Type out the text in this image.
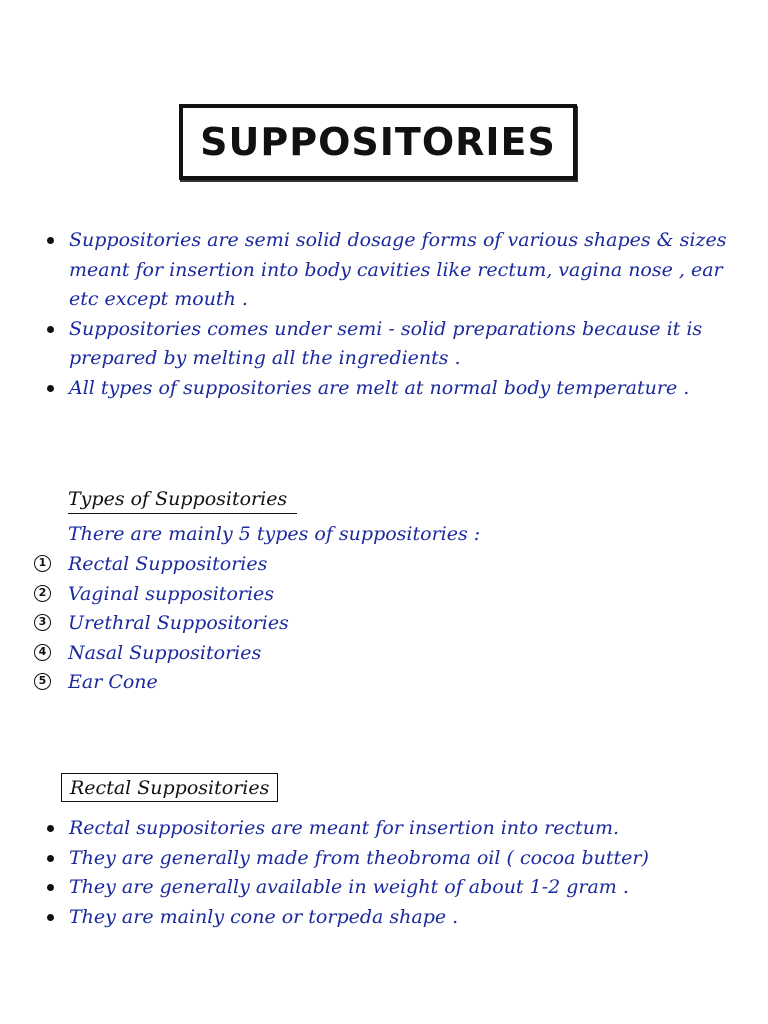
SUPPOSITORIES
Suppositories are semi solid dosage forms of various shapes & sizes meant for insertion into body cavities like rectum, vagina nose , ear etc except mouth .
Suppositories comes under semi - solid preparations because it is prepared by melting all the ingredients .
All types of suppositories are melt at normal body temperature .
Types of Suppositories
There are mainly 5 types of suppositories :
1 Rectal Suppositories
2 Vaginal suppositories
3 Urethral Suppositories
4 Nasal Suppositories
5 Ear Cone
Rectal Suppositories
Rectal suppositories are meant for insertion into rectum.
They are generally made from theobroma oil ( cocoa butter)
They are generally available in weight of about 1-2 gram .
They are mainly cone or torpeda shape .
